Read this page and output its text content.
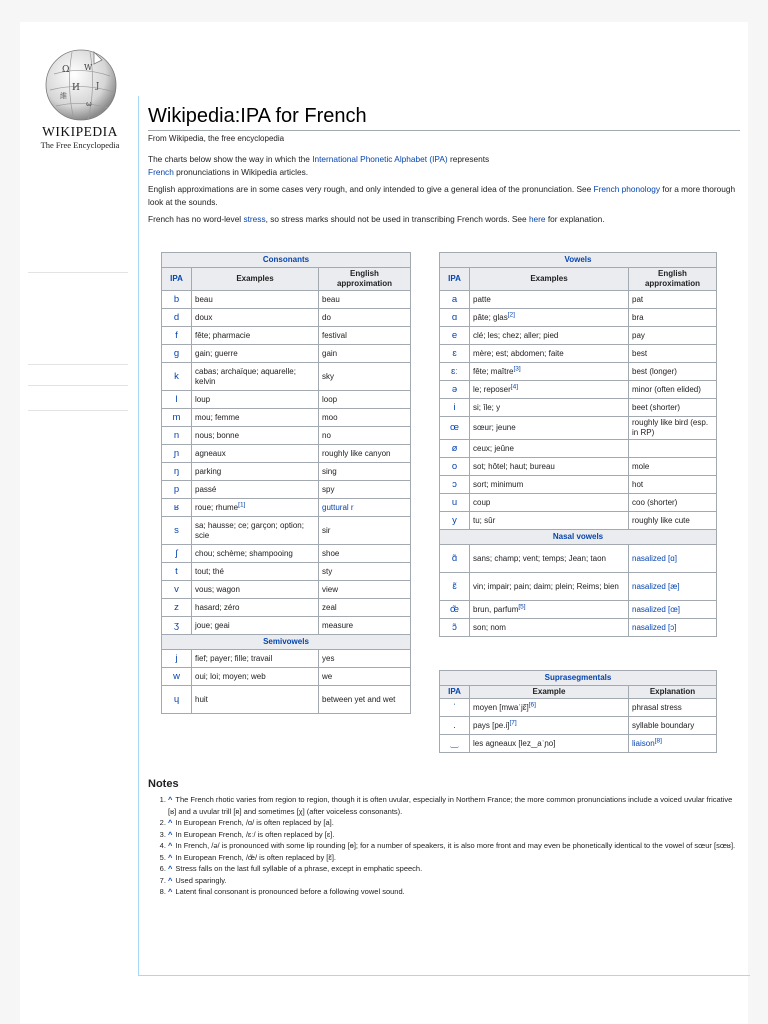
Ω W
И J
維
ω
WIKIPEDIA
The Free Encyclopedia
Wikipedia:IPA for French
From Wikipedia, the free encyclopedia

The charts below show the way in which the International Phonetic Alphabet (IPA) represents
French pronunciations in Wikipedia articles.

English approximations are in some cases very rough, and only intended to give a general idea of the pronunciation. See French phonology for a more thorough look at the sounds.

French has no word-level stress, so stress marks should not be used in transcribing French words. See here for explanation.

Consonants		
IPA	Examples	English approximation
b	beau	beau
d	doux	do
f	fête; pharmacie	festival
ɡ	gain; guerre	gain
k	cabas; archaïque; aquarelle; kelvin	sky
l	loup	loop
m	mou; femme	moo
n	nous; bonne	no
ɲ	agneaux	roughly like canyon
ŋ	parking	sing
p	passé	spy
ʁ	roue; rhume[1]	guttural r
s	sa; hausse; ce; garçon; option; scie	sir
ʃ	chou; schème; shampooing	shoe
t	tout; thé	sty
v	vous; wagon	view
z	hasard; zéro	zeal
ʒ	joue; geai	measure
Semivowels		
j	fief; payer; fille; travail	yes
w	oui; loi; moyen; web	we
ɥ	huit	between yet and wet
Vowels		
IPA	Examples	English approximation
a	patte	pat
ɑ	pâte; glas[2]	bra
e	clé; les; chez; aller; pied	pay
ɛ	mère; est; abdomen; faite	best
ɛː	fête; maître[3]	best (longer)
ə	le; reposer[4]	minor (often elided)
i	si; île; y	beet (shorter)
œ	sœur; jeune	roughly like bird (esp. in RP)
ø	ceux; jeûne	
o	sot; hôtel; haut; bureau	mole
ɔ	sort; minimum	hot
u	coup	coo (shorter)
y	tu; sûr	roughly like cute
Nasal vowels		
ɑ̃	sans; champ; vent; temps; Jean; taon	nasalized [ɑ]
ɛ̃	vin; impair; pain; daim; plein; Reims; bien	nasalized [æ]
œ̃	brun, parfum[5]	nasalized [œ]
ɔ̃	son; nom	nasalized [ɔ]
Suprasegmentals		
IPA	Example	Explanation
ˈ	moyen [mwaˈjɛ̃][6]	phrasal stress
.	pays [pe.i][7]	syllable boundary
‿	les agneaux [lez‿aˈɲo]	liaison[8]
Notes
1. ^ The French rhotic varies from region to region, though it is often uvular, especially in Northern France; the more common pronunciations include a voiced uvular fricative [ʁ] and a uvular trill [ʀ] and sometimes [χ] (after voiceless consonants).
2. ^ In European French, /ɑ/ is often replaced by [a].
3. ^ In European French, /ɛː/ is often replaced by [ɛ].
4. ^ In French, /ə/ is pronounced with some lip rounding [ɵ]; for a number of speakers, it is also more front and may even be phonetically identical to the vowel of sœur [sœʁ].
5. ^ In European French, /œ̃/ is often replaced by [ɛ̃].
6. ^ Stress falls on the last full syllable of a phrase, except in emphatic speech.
7. ^ Used sparingly.
8. ^ Latent final consonant is pronounced before a following vowel sound.
